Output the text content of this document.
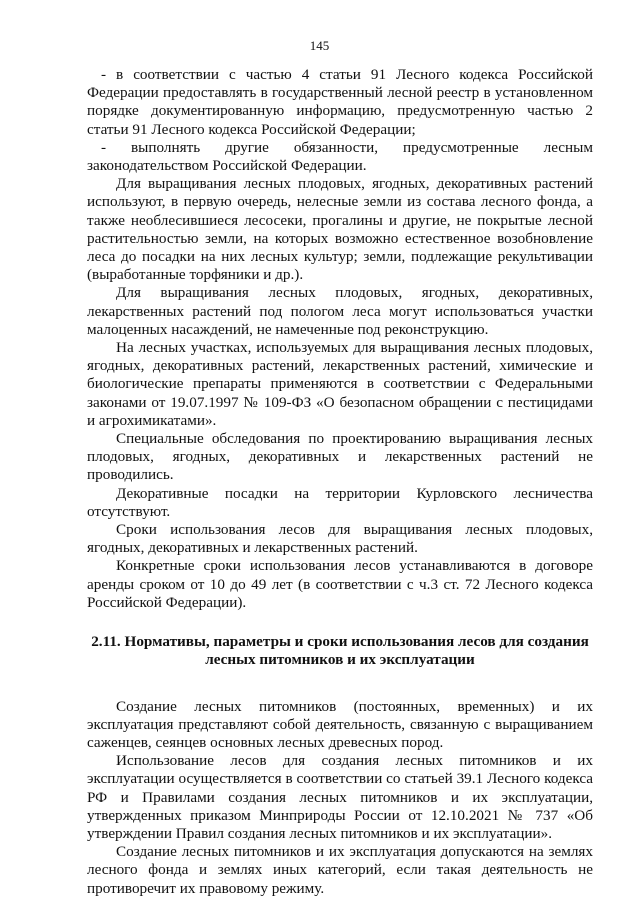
145

- в соответствии с частью 4 статьи 91 Лесного кодекса Российской Федерации предоставлять в государственный лесной реестр в установленном порядке документированную информацию, предусмотренную частью 2 статьи 91 Лесного кодекса Российской Федерации;

- выполнять другие обязанности, предусмотренные лесным законодательством Российской Федерации.

Для выращивания лесных плодовых, ягодных, декоративных растений используют, в первую очередь, нелесные земли из состава лесного фонда, а также необлесившиеся лесосеки, прогалины и другие, не покрытые лесной растительностью земли, на которых возможно естественное возобновление леса до посадки на них лесных культур; земли, подлежащие рекультивации (выработанные торфяники и др.).

Для выращивания лесных плодовых, ягодных, декоративных, лекарственных растений под пологом леса могут использоваться участки малоценных насаждений, не намеченные под реконструкцию.

На лесных участках, используемых для выращивания лесных плодовых, ягодных, декоративных растений, лекарственных растений, химические и биологические препараты применяются в соответствии с Федеральными законами от 19.07.1997 № 109-ФЗ «О безопасном обращении с пестицидами и агрохимикатами».

Специальные обследования по проектированию выращивания лесных плодовых, ягодных, декоративных и лекарственных растений не проводились.

Декоративные посадки на территории Курловского лесничества отсутствуют.

Сроки использования лесов для выращивания лесных плодовых, ягодных, декоративных и лекарственных растений.

Конкретные сроки использования лесов устанавливаются в договоре аренды сроком от 10 до 49 лет (в соответствии с ч.3 ст. 72 Лесного кодекса Российской Федерации).

2.11. Нормативы, параметры и сроки использования лесов для создания
лесных питомников и их эксплуатации

Создание лесных питомников (постоянных, временных) и их эксплуатация представляют собой деятельность, связанную с выращиванием саженцев, сеянцев основных лесных древесных пород.

Использование лесов для создания лесных питомников и их эксплуатации осуществляется в соответствии со статьей 39.1 Лесного кодекса РФ и Правилами создания лесных питомников и их эксплуатации, утвержденных приказом Минприроды России от 12.10.2021 № 737 «Об утверждении Правил создания лесных питомников и их эксплуатации».

Создание лесных питомников и их эксплуатация допускаются на землях лесного фонда и землях иных категорий, если такая деятельность не противоречит их правовому режиму.
